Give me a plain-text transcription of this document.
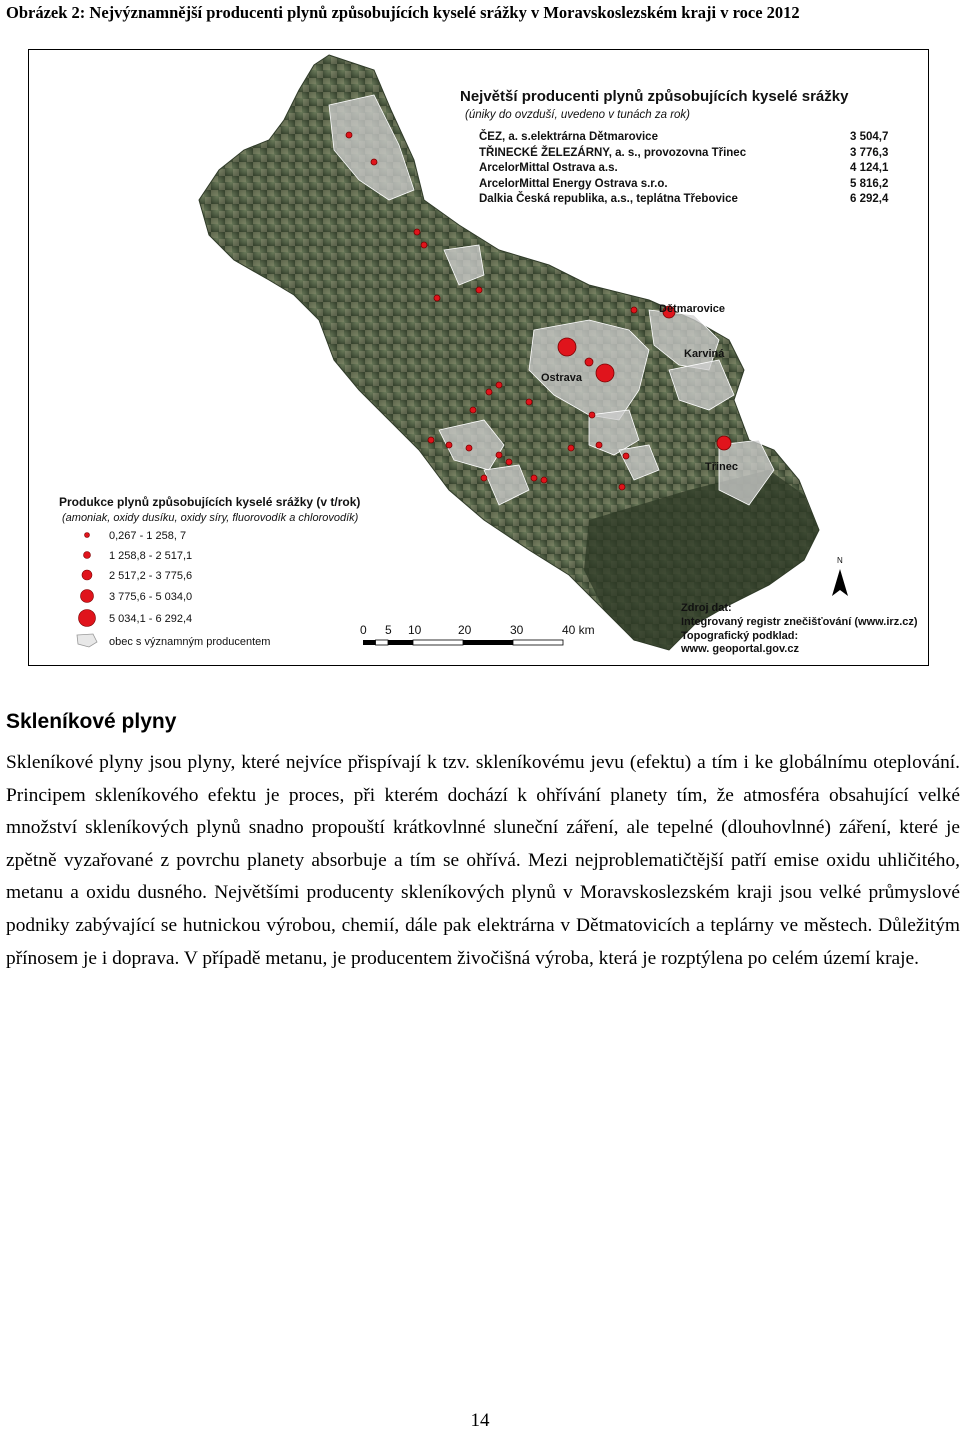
Obrázek 2: Nejvýznamnější producenti plynů způsobujících kyselé srážky v Moravskoslezském kraji v roce 2012
Dětmarovice
Karviná
Ostrava
Třinec
Největší producenti plynů způsobujících kyselé srážky
(úniky do ovzduší, uvedeno v tunách za rok)
ČEZ, a. s.elektrárna Dětmarovice	3 504,7
TŘINECKÉ ŽELEZÁRNY, a. s., provozovna Třinec	3 776,3
ArcelorMittal Ostrava a.s.	4 124,1
ArcelorMittal Energy Ostrava s.r.o.	5 816,2
Dalkia Česká republika, a.s., teplátna Třebovice	6 292,4
Produkce plynů způsobujících kyselé srážky (v t/rok)
(amoniak, oxidy dusíku, oxidy síry, fluorovodík a chlorovodík)
0,267 - 1 258, 7
1 258,8 - 2 517,1
2 517,2 - 3 775,6
3 775,6 - 5 034,0
5 034,1 - 6 292,4
obec s významným producentem
0 5 10	20	30	40 km
N
Zdroj dat:
Integrovaný registr znečišťování (www.irz.cz)
Topografický podklad:
www. geoportal.gov.cz
Skleníkové plyny

Skleníkové plyny jsou plyny, které nejvíce přispívají k tzv. skleníkovému jevu (efektu) a tím i ke globálnímu oteplování. Principem skleníkového efektu je proces, při kterém dochází k ohřívání planety tím, že atmosféra obsahující velké množství skleníkových plynů snadno propouští krátkovlnné sluneční záření, ale tepelné (dlouhovlnné) záření, které je zpětně vyzařované z povrchu planety absorbuje a tím se ohřívá. Mezi nejproblematičtější patří emise oxidu uhličitého, metanu a oxidu dusného. Největšími producenty skleníkových plynů v Moravskoslezském kraji jsou velké průmyslové podniky zabývající se hutnickou výrobou, chemií, dále pak elektrárna v Dětmatovicích a teplárny ve městech. Důležitým přínosem je i doprava. V případě metanu, je producentem živočišná výroba, která je rozptýlena po celém území kraje.

14
